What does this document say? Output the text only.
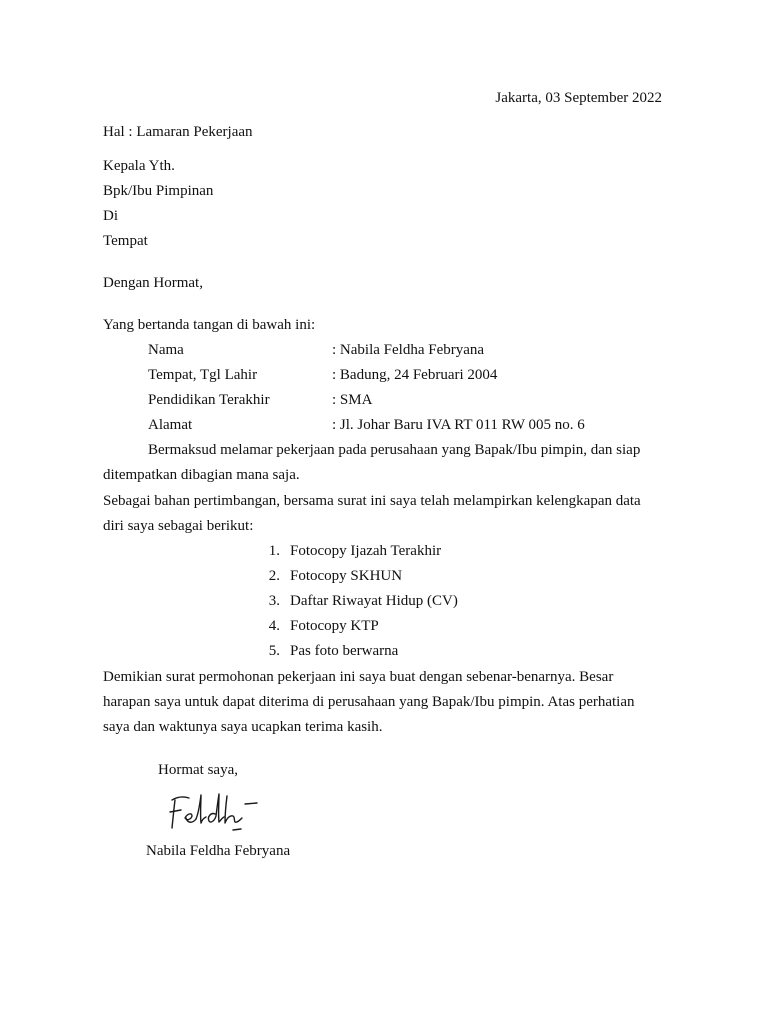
Jakarta, 03 September 2022
Hal : Lamaran Pekerjaan
Kepala Yth.
Bpk/Ibu Pimpinan
Di
Tempat
Dengan Hormat,
Yang bertanda tangan di bawah ini:
Nama	: Nabila Feldha Febryana
Tempat, Tgl Lahir	: Badung, 24 Februari 2004
Pendidikan Terakhir	: SMA
Alamat	: Jl. Johar Baru IVA RT 011 RW 005 no. 6
Bermaksud melamar pekerjaan pada perusahaan yang Bapak/Ibu pimpin, dan siap
ditempatkan dibagian mana saja.
Sebagai bahan pertimbangan, bersama surat ini saya telah melampirkan kelengkapan data
diri saya sebagai berikut:
1. Fotocopy Ijazah Terakhir
2. Fotocopy SKHUN
3. Daftar Riwayat Hidup (CV)
4. Fotocopy KTP
5. Pas foto berwarna
Demikian surat permohonan pekerjaan ini saya buat dengan sebenar-benarnya. Besar
harapan saya untuk dapat diterima di perusahaan yang Bapak/Ibu pimpin. Atas perhatian
saya dan waktunya saya ucapkan terima kasih.
Hormat saya,
Nabila Feldha Febryana
